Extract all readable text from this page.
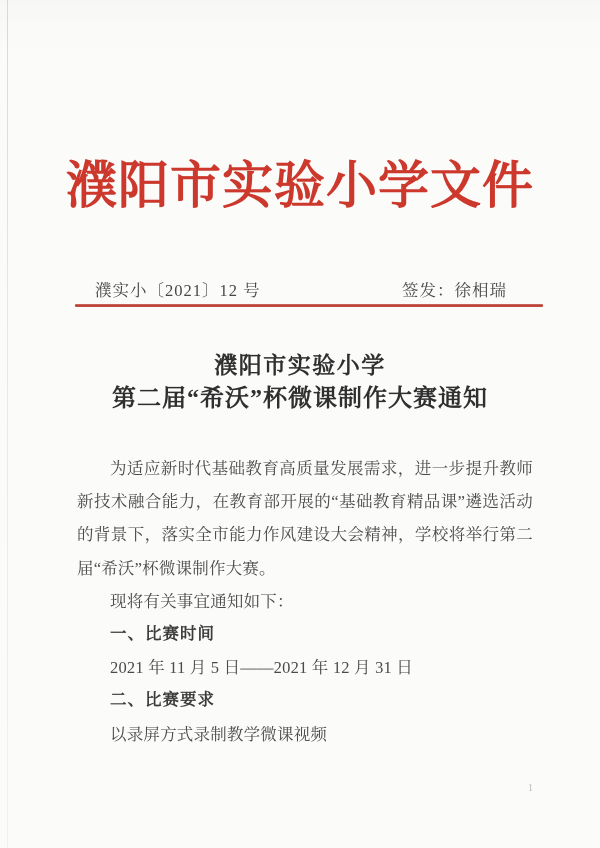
濮阳市实验小学文件
濮实小〔2021〕12 号	签发：徐相瑞
濮阳市实验小学
第二届“希沃”杯微课制作大赛通知

为适应新时代基础教育高质量发展需求，进一步提升教师新技术融合能力，在教育部开展的“基础教育精品课”遴选活动的背景下，落实全市能力作风建设大会精神，学校将举行第二届“希沃”杯微课制作大赛。

现将有关事宜通知如下：

一、比赛时间

2021 年 11 月 5 日——2021 年 12 月 31 日

二、比赛要求

以录屏方式录制教学微课视频

1
